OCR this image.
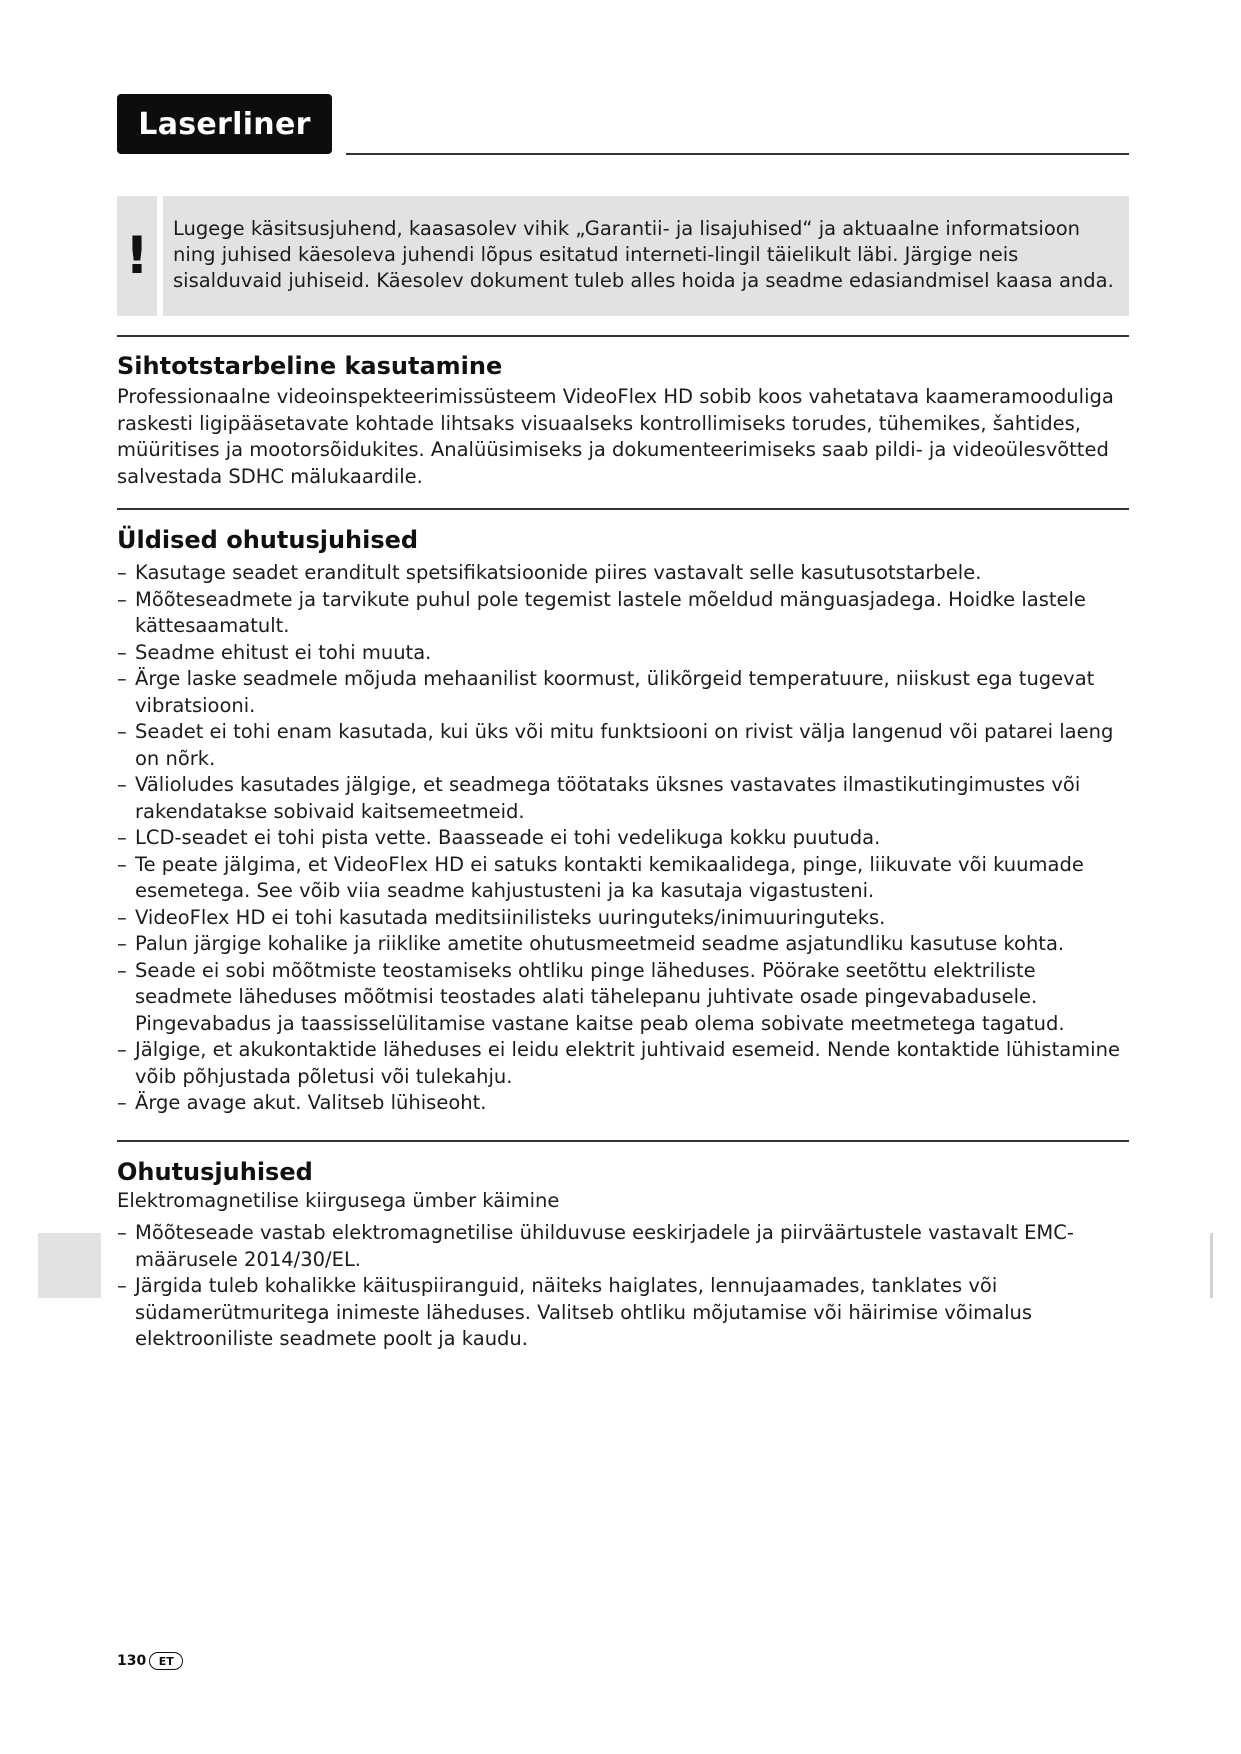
Laserliner
!	Lugege käsitsusjuhend, kaasasolev vihik „Garantii- ja lisajuhised“ ja aktuaalne informatsioon ning juhised käesoleva juhendi lõpus esitatud interneti-lingil täielikult läbi. Järgige neis sisalduvaid juhiseid. Käesolev dokument tuleb alles hoida ja seadme edasiandmisel kaasa anda.
Sihtotstarbeline kasutamine

Professionaalne videoinspekteerimissüsteem VideoFlex HD sobib koos vahetatava kaameramooduliga raskesti ligipääsetavate kohtade lihtsaks visuaalseks kontrollimiseks torudes, tühemikes, šahtides, müüritises ja mootorsõidukites. Analüüsimiseks ja dokumenteerimiseks saab pildi- ja videoülesvõtted salvestada SDHC mälukaardile.

Üldised ohutusjuhised
– Kasutage seadet eranditult spetsifikatsioonide piires vastavalt selle kasutusotstarbele.
– Mõõteseadmete ja tarvikute puhul pole tegemist lastele mõeldud mänguasjadega. Hoidke lastele kättesaamatult.
– Seadme ehitust ei tohi muuta.
– Ärge laske seadmele mõjuda mehaanilist koormust, ülikõrgeid temperatuure, niiskust ega tugevat vibratsiooni.
– Seadet ei tohi enam kasutada, kui üks või mitu funktsiooni on rivist välja langenud või patarei laeng on nõrk.
– Välioludes kasutades jälgige, et seadmega töötataks üksnes vastavates ilmastikutingimustes või rakendatakse sobivaid kaitsemeetmeid.
– LCD-seadet ei tohi pista vette. Baasseade ei tohi vedelikuga kokku puutuda.
– Te peate jälgima, et VideoFlex HD ei satuks kontakti kemikaalidega, pinge, liikuvate või kuumade esemetega. See võib viia seadme kahjustusteni ja ka kasutaja vigastusteni.
– VideoFlex HD ei tohi kasutada meditsiinilisteks uuringuteks/inimuuringuteks.
– Palun järgige kohalike ja riiklike ametite ohutusmeetmeid seadme asjatundliku kasutuse kohta.
– Seade ei sobi mõõtmiste teostamiseks ohtliku pinge läheduses. Pöörake seetõttu elektriliste seadmete läheduses mõõtmisi teostades alati tähelepanu juhtivate osade pingevabadusele. Pingevabadus ja taassisselülitamise vastane kaitse peab olema sobivate meetmetega tagatud.
– Jälgige, et akukontaktide läheduses ei leidu elektrit juhtivaid esemeid. Nende kontaktide lühistamine võib põhjustada põletusi või tulekahju.
– Ärge avage akut. Valitseb lühiseoht.
Ohutusjuhised

Elektromagnetilise kiirgusega ümber käimine

– Mõõteseade vastab elektromagnetilise ühilduvuse eeskirjadele ja piirväärtustele vastavalt EMC-määrusele 2014/30/EL.
– Järgida tuleb kohalikke käituspiiranguid, näiteks haiglates, lennujaamades, tanklates või südamerütmuritega inimeste läheduses. Valitseb ohtliku mõjutamise või häirimise võimalus elektrooniliste seadmete poolt ja kaudu.
130	ET
